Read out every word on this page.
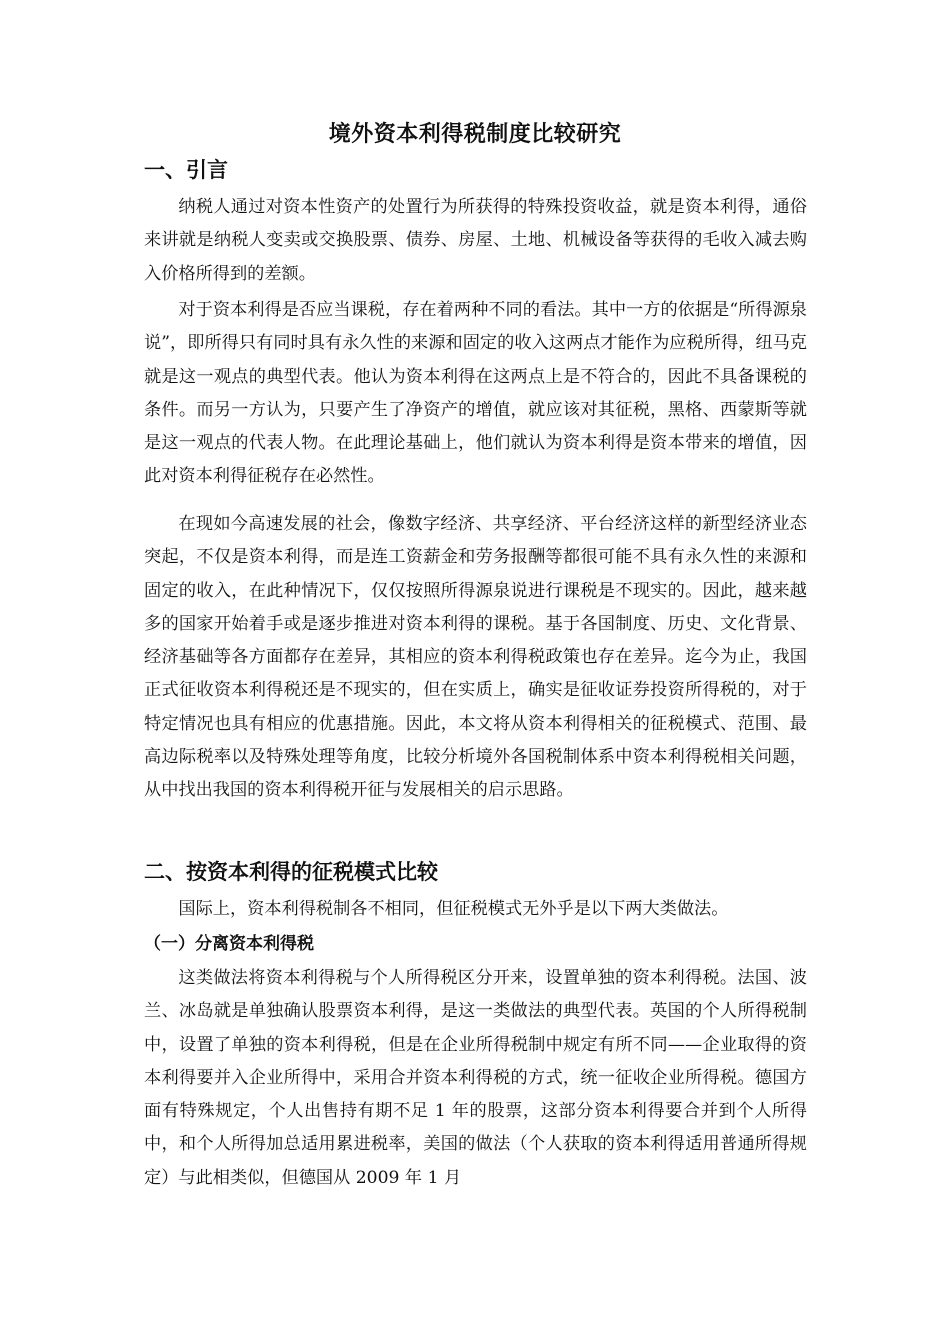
境外资本利得税制度比较研究
一、引言

纳税人通过对资本性资产的处置行为所获得的特殊投资收益，就是资本利得，通俗来讲就是纳税人变卖或交换股票、债券、房屋、土地、机械设备等获得的毛收入减去购入价格所得到的差额。

对于资本利得是否应当课税，存在着两种不同的看法。其中一方的依据是“所得源泉说”，即所得只有同时具有永久性的来源和固定的收入这两点才能作为应税所得，纽马克就是这一观点的典型代表。他认为资本利得在这两点上是不符合的，因此不具备课税的条件。而另一方认为，只要产生了净资产的增值，就应该对其征税，黑格、西蒙斯等就是这一观点的代表人物。在此理论基础上，他们就认为资本利得是资本带来的增值，因此对资本利得征税存在必然性。

在现如今高速发展的社会，像数字经济、共享经济、平台经济这样的新型经济业态突起，不仅是资本利得，而是连工资薪金和劳务报酬等都很可能不具有永久性的来源和固定的收入，在此种情况下，仅仅按照所得源泉说进行课税是不现实的。因此，越来越多的国家开始着手或是逐步推进对资本利得的课税。基于各国制度、历史、文化背景、经济基础等各方面都存在差异，其相应的资本利得税政策也存在差异。迄今为止，我国正式征收资本利得税还是不现实的，但在实质上，确实是征收证券投资所得税的，对于特定情况也具有相应的优惠措施。因此，本文将从资本利得相关的征税模式、范围、最高边际税率以及特殊处理等角度，比较分析境外各国税制体系中资本利得税相关问题，从中找出我国的资本利得税开征与发展相关的启示思路。

二、按资本利得的征税模式比较

国际上，资本利得税制各不相同，但征税模式无外乎是以下两大类做法。

（一）分离资本利得税

这类做法将资本利得税与个人所得税区分开来，设置单独的资本利得税。法国、波兰、冰岛就是单独确认股票资本利得，是这一类做法的典型代表。英国的个人所得税制中，设置了单独的资本利得税，但是在企业所得税制中规定有所不同——企业取得的资本利得要并入企业所得中，采用合并资本利得税的方式，统一征收企业所得税。德国方面有特殊规定，个人出售持有期不足 1 年的股票，这部分资本利得要合并到个人所得中，和个人所得加总适用累进税率，美国的做法（个人获取的资本利得适用普通所得规定）与此相类似，但德国从 2009 年 1 月
